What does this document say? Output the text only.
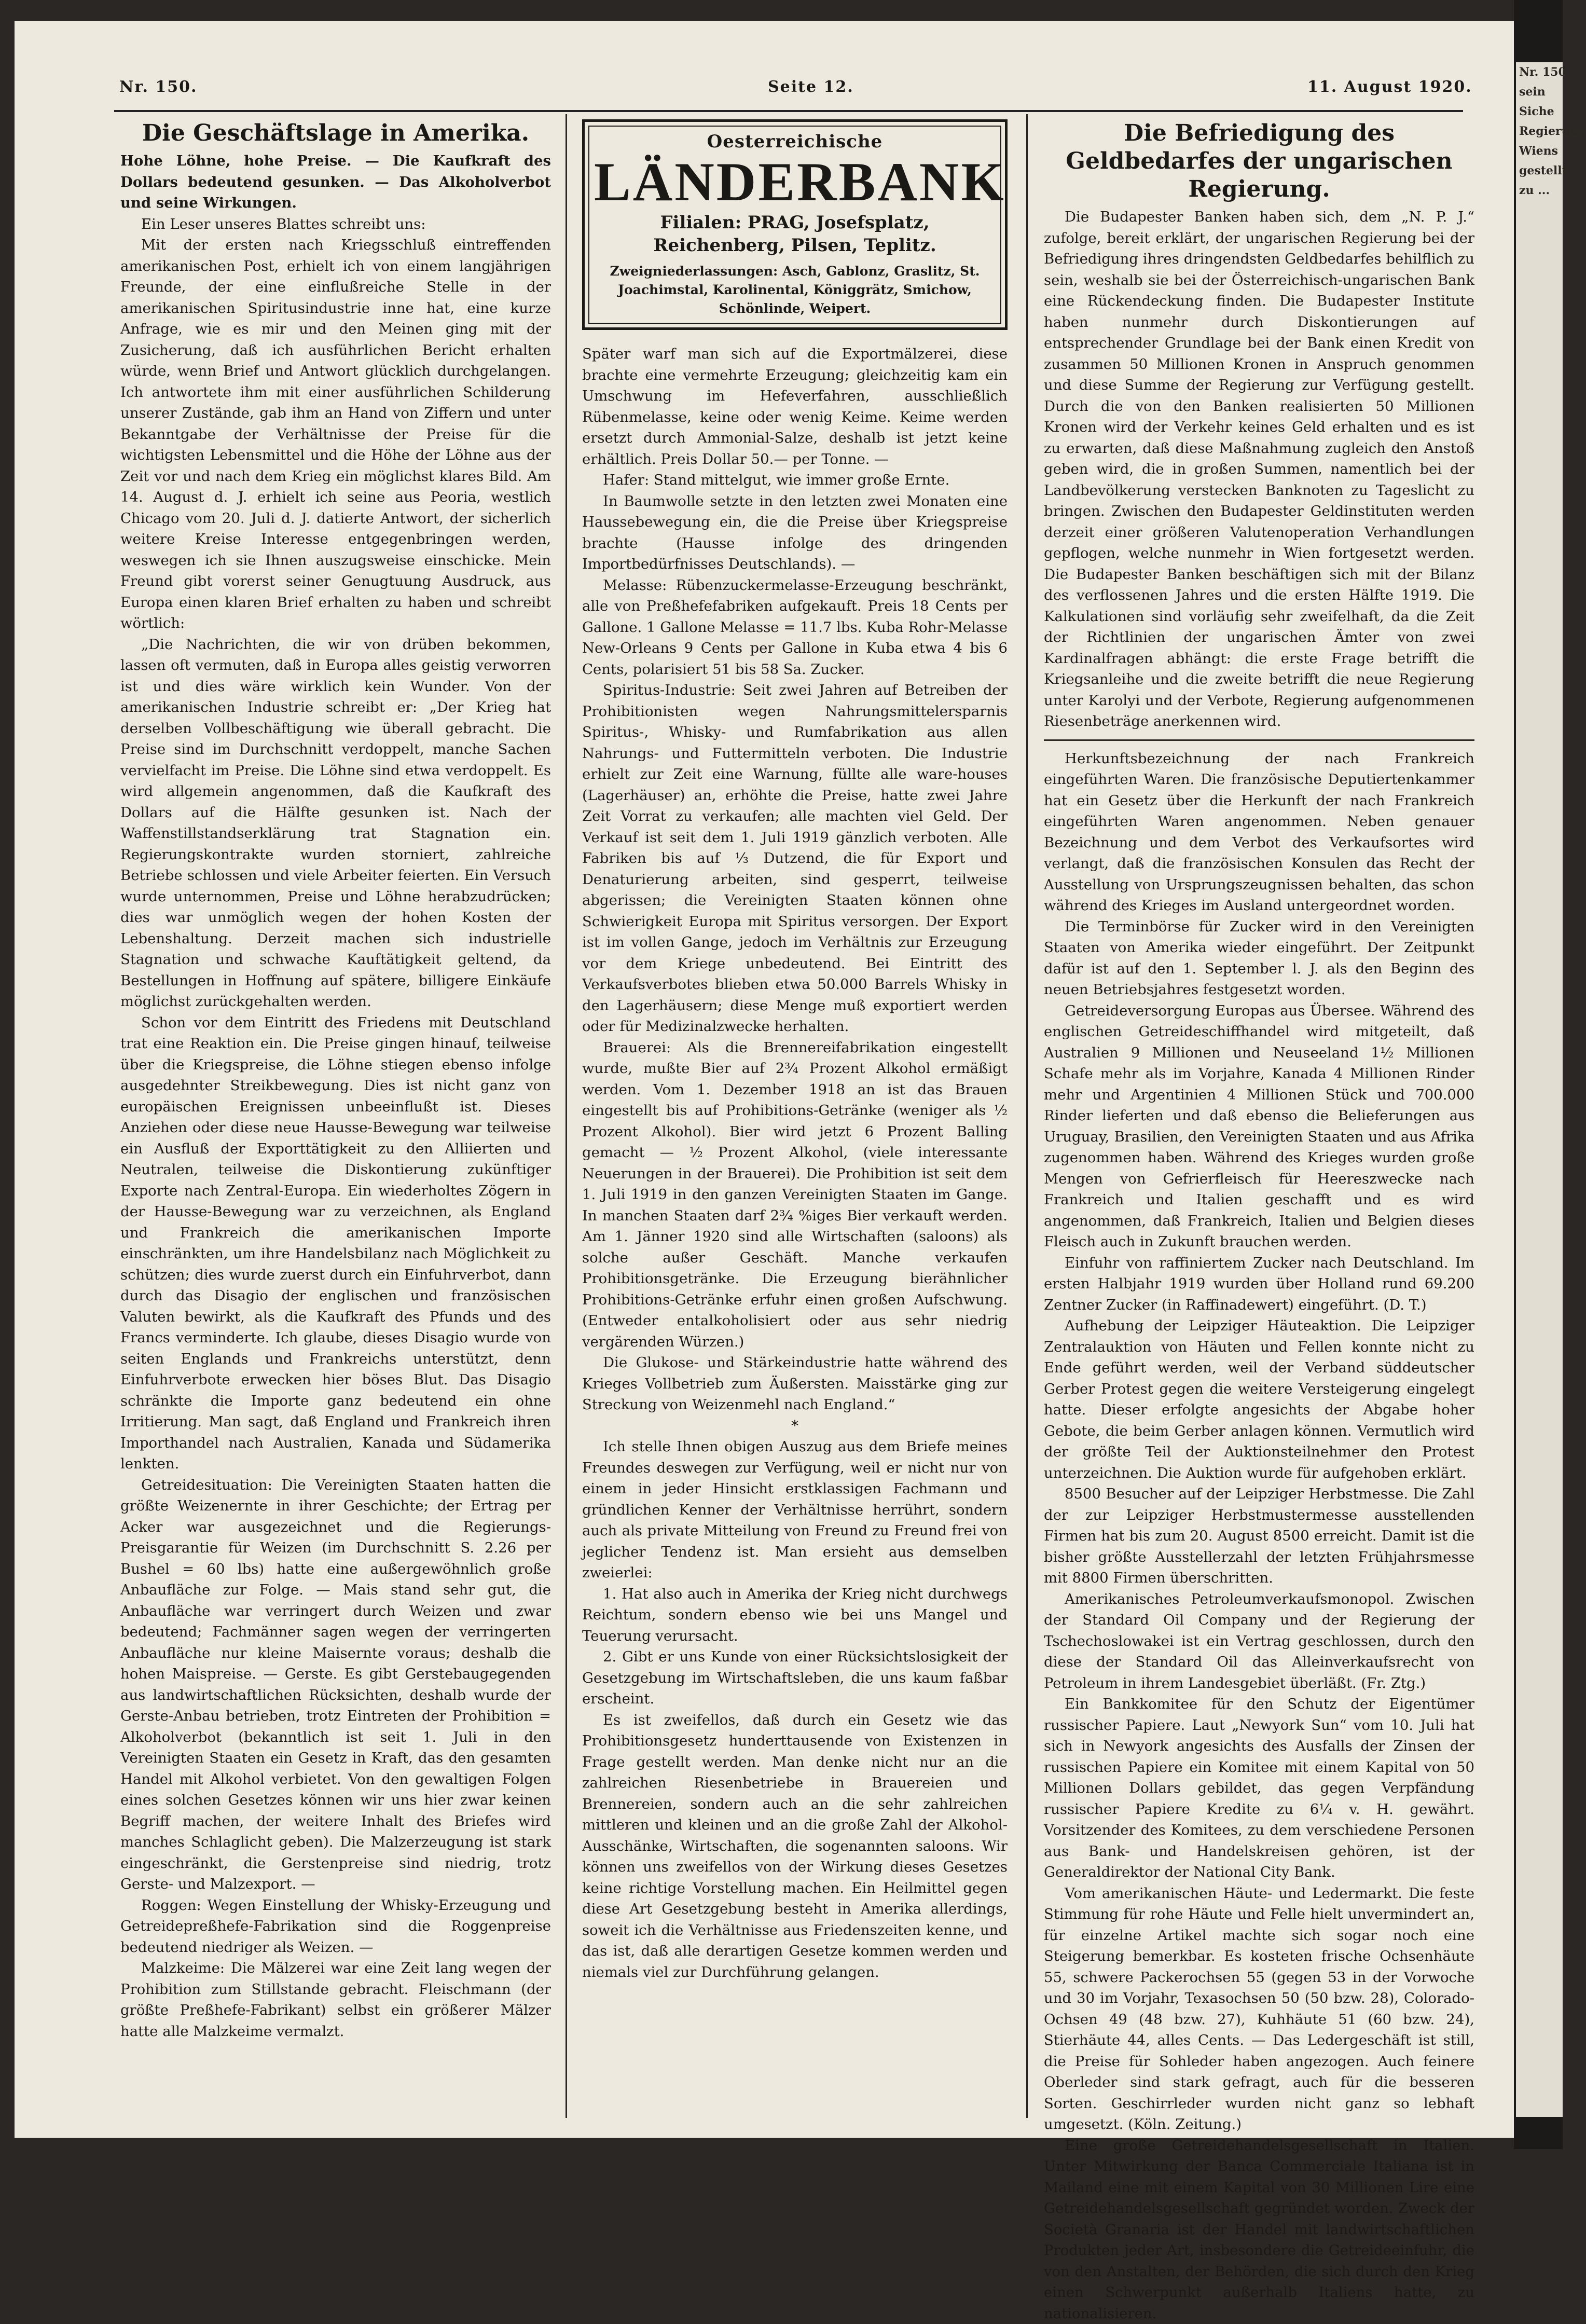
Nr. 150
sein
Siche
Regierung
Wiens
gestellt
zu ...
Nr. 150.	Seite 12.	11. August 1920.
Die Geschäftslage in Amerika.

Hohe Löhne, hohe Preise. — Die Kaufkraft des Dollars bedeutend gesunken. — Das Alkoholverbot und seine Wirkungen.

Ein Leser unseres Blattes schreibt uns:

Mit der ersten nach Kriegsschluß eintreffenden amerikanischen Post, erhielt ich von einem langjährigen Freunde, der eine einflußreiche Stelle in der amerikanischen Spiritusindustrie inne hat, eine kurze Anfrage, wie es mir und den Meinen ging mit der Zusicherung, daß ich ausführlichen Bericht erhalten würde, wenn Brief und Antwort glücklich durchgelangen. Ich antwortete ihm mit einer ausführlichen Schilderung unserer Zustände, gab ihm an Hand von Ziffern und unter Bekanntgabe der Verhältnisse der Preise für die wichtigsten Lebensmittel und die Höhe der Löhne aus der Zeit vor und nach dem Krieg ein möglichst klares Bild. Am 14. August d. J. erhielt ich seine aus Peoria, westlich Chicago vom 20. Juli d. J. datierte Antwort, der sicherlich weitere Kreise Interesse entgegenbringen werden, weswegen ich sie Ihnen auszugsweise einschicke. Mein Freund gibt vorerst seiner Genugtuung Ausdruck, aus Europa einen klaren Brief erhalten zu haben und schreibt wörtlich:

„Die Nachrichten, die wir von drüben bekommen, lassen oft vermuten, daß in Europa alles geistig verworren ist und dies wäre wirklich kein Wunder. Von der amerikanischen Industrie schreibt er: „Der Krieg hat derselben Vollbeschäftigung wie überall gebracht. Die Preise sind im Durchschnitt verdoppelt, manche Sachen vervielfacht im Preise. Die Löhne sind etwa verdoppelt. Es wird allgemein angenommen, daß die Kaufkraft des Dollars auf die Hälfte gesunken ist. Nach der Waffenstillstandserklärung trat Stagnation ein. Regierungskontrakte wurden storniert, zahlreiche Betriebe schlossen und viele Arbeiter feierten. Ein Versuch wurde unternommen, Preise und Löhne herabzudrücken; dies war unmöglich wegen der hohen Kosten der Lebenshaltung. Derzeit machen sich industrielle Stagnation und schwache Kauftätigkeit geltend, da Bestellungen in Hoffnung auf spätere, billigere Einkäufe möglichst zurückgehalten werden.

Schon vor dem Eintritt des Friedens mit Deutschland trat eine Reaktion ein. Die Preise gingen hinauf, teilweise über die Kriegspreise, die Löhne stiegen ebenso infolge ausgedehnter Streikbewegung. Dies ist nicht ganz von europäischen Ereignissen unbeeinflußt ist. Dieses Anziehen oder diese neue Hausse-Bewegung war teilweise ein Ausfluß der Exporttätigkeit zu den Alliierten und Neutralen, teilweise die Diskontierung zukünftiger Exporte nach Zentral-Europa. Ein wiederholtes Zögern in der Hausse-Bewegung war zu verzeichnen, als England und Frankreich die amerikanischen Importe einschränkten, um ihre Handelsbilanz nach Möglichkeit zu schützen; dies wurde zuerst durch ein Einfuhrverbot, dann durch das Disagio der englischen und französischen Valuten bewirkt, als die Kaufkraft des Pfunds und des Francs verminderte. Ich glaube, dieses Disagio wurde von seiten Englands und Frankreichs unterstützt, denn Einfuhrverbote erwecken hier böses Blut. Das Disagio schränkte die Importe ganz bedeutend ein ohne Irritierung. Man sagt, daß England und Frankreich ihren Importhandel nach Australien, Kanada und Südamerika lenkten.

Getreidesituation: Die Vereinigten Staaten hatten die größte Weizenernte in ihrer Geschichte; der Ertrag per Acker war ausgezeichnet und die Regierungs-Preisgarantie für Weizen (im Durchschnitt S. 2.26 per Bushel = 60 lbs) hatte eine außergewöhnlich große Anbaufläche zur Folge. — Mais stand sehr gut, die Anbaufläche war verringert durch Weizen und zwar bedeutend; Fachmänner sagen wegen der verringerten Anbaufläche nur kleine Maisernte voraus; deshalb die hohen Maispreise. — Gerste. Es gibt Gerstebaugegenden aus landwirtschaftlichen Rücksichten, deshalb wurde der Gerste-Anbau betrieben, trotz Eintreten der Prohibition = Alkoholverbot (bekanntlich ist seit 1. Juli in den Vereinigten Staaten ein Gesetz in Kraft, das den gesamten Handel mit Alkohol verbietet. Von den gewaltigen Folgen eines solchen Gesetzes können wir uns hier zwar keinen Begriff machen, der weitere Inhalt des Briefes wird manches Schlaglicht geben). Die Malzerzeugung ist stark eingeschränkt, die Gerstenpreise sind niedrig, trotz Gerste- und Malzexport. —

Roggen: Wegen Einstellung der Whisky-Erzeugung und Getreidepreßhefe-Fabrikation sind die Roggenpreise bedeutend niedriger als Weizen. —

Malzkeime: Die Mälzerei war eine Zeit lang wegen der Prohibition zum Stillstande gebracht. Fleischmann (der größte Preßhefe-Fabrikant) selbst ein größerer Mälzer hatte alle Malzkeime vermalzt.

Oesterreichische
LÄNDERBANK
Filialen: PRAG, Josefsplatz,
Reichenberg, Pilsen, Teplitz.
Zweigniederlassungen: Asch, Gablonz, Graslitz, St. Joachimstal, Karolinental, Königgrätz, Smichow, Schönlinde, Weipert.

Später warf man sich auf die Exportmälzerei, diese brachte eine vermehrte Erzeugung; gleichzeitig kam ein Umschwung im Hefeverfahren, ausschließlich Rübenmelasse, keine oder wenig Keime. Keime werden ersetzt durch Ammonial-Salze, deshalb ist jetzt keine erhältlich. Preis Dollar 50.— per Tonne. —

Hafer: Stand mittelgut, wie immer große Ernte.

In Baumwolle setzte in den letzten zwei Monaten eine Haussebewegung ein, die die Preise über Kriegspreise brachte (Hausse infolge des dringenden Importbedürfnisses Deutschlands). —

Melasse: Rübenzuckermelasse-Erzeugung beschränkt, alle von Preßhefefabriken aufgekauft. Preis 18 Cents per Gallone. 1 Gallone Melasse = 11.7 lbs. Kuba Rohr-Melasse New-Orleans 9 Cents per Gallone in Kuba etwa 4 bis 6 Cents, polarisiert 51 bis 58 Sa. Zucker.

Spiritus-Industrie: Seit zwei Jahren auf Betreiben der Prohibitionisten wegen Nahrungsmittelersparnis Spiritus-, Whisky- und Rumfabrikation aus allen Nahrungs- und Futtermitteln verboten. Die Industrie erhielt zur Zeit eine Warnung, füllte alle ware-houses (Lagerhäuser) an, erhöhte die Preise, hatte zwei Jahre Zeit Vorrat zu verkaufen; alle machten viel Geld. Der Verkauf ist seit dem 1. Juli 1919 gänzlich verboten. Alle Fabriken bis auf ⅓ Dutzend, die für Export und Denaturierung arbeiten, sind gesperrt, teilweise abgerissen; die Vereinigten Staaten können ohne Schwierigkeit Europa mit Spiritus versorgen. Der Export ist im vollen Gange, jedoch im Verhältnis zur Erzeugung vor dem Kriege unbedeutend. Bei Eintritt des Verkaufsverbotes blieben etwa 50.000 Barrels Whisky in den Lagerhäusern; diese Menge muß exportiert werden oder für Medizinalzwecke herhalten.

Brauerei: Als die Brennereifabrikation eingestellt wurde, mußte Bier auf 2¾ Prozent Alkohol ermäßigt werden. Vom 1. Dezember 1918 an ist das Brauen eingestellt bis auf Prohibitions-Getränke (weniger als ½ Prozent Alkohol). Bier wird jetzt 6 Prozent Balling gemacht — ½ Prozent Alkohol, (viele interessante Neuerungen in der Brauerei). Die Prohibition ist seit dem 1. Juli 1919 in den ganzen Vereinigten Staaten im Gange. In manchen Staaten darf 2¾ %iges Bier verkauft werden. Am 1. Jänner 1920 sind alle Wirtschaften (saloons) als solche außer Geschäft. Manche verkaufen Prohibitionsgetränke. Die Erzeugung bierähnlicher Prohibitions-Getränke erfuhr einen großen Aufschwung. (Entweder entalkoholisiert oder aus sehr niedrig vergärenden Würzen.)

Die Glukose- und Stärkeindustrie hatte während des Krieges Vollbetrieb zum Äußersten. Maisstärke ging zur Streckung von Weizenmehl nach England.“

*

Ich stelle Ihnen obigen Auszug aus dem Briefe meines Freundes deswegen zur Verfügung, weil er nicht nur von einem in jeder Hinsicht erstklassigen Fachmann und gründlichen Kenner der Verhältnisse herrührt, sondern auch als private Mitteilung von Freund zu Freund frei von jeglicher Tendenz ist. Man ersieht aus demselben zweierlei:

1. Hat also auch in Amerika der Krieg nicht durchwegs Reichtum, sondern ebenso wie bei uns Mangel und Teuerung verursacht.

2. Gibt er uns Kunde von einer Rücksichtslosigkeit der Gesetzgebung im Wirtschaftsleben, die uns kaum faßbar erscheint.

Es ist zweifellos, daß durch ein Gesetz wie das Prohibitionsgesetz hunderttausende von Existenzen in Frage gestellt werden. Man denke nicht nur an die zahlreichen Riesenbetriebe in Brauereien und Brennereien, sondern auch an die sehr zahlreichen mittleren und kleinen und an die große Zahl der Alkohol-Ausschänke, Wirtschaften, die sogenannten saloons. Wir können uns zweifellos von der Wirkung dieses Gesetzes keine richtige Vorstellung machen. Ein Heilmittel gegen diese Art Gesetzgebung besteht in Amerika allerdings, soweit ich die Verhältnisse aus Friedenszeiten kenne, und das ist, daß alle derartigen Gesetze kommen werden und niemals viel zur Durchführung gelangen.

Die Befriedigung des Geldbedarfes der ungarischen Regierung.

Die Budapester Banken haben sich, dem „N. P. J.“ zufolge, bereit erklärt, der ungarischen Regierung bei der Befriedigung ihres dringendsten Geldbedarfes behilflich zu sein, weshalb sie bei der Österreichisch-ungarischen Bank eine Rückendeckung finden. Die Budapester Institute haben nunmehr durch Diskontierungen auf entsprechender Grundlage bei der Bank einen Kredit von zusammen 50 Millionen Kronen in Anspruch genommen und diese Summe der Regierung zur Verfügung gestellt. Durch die von den Banken realisierten 50 Millionen Kronen wird der Verkehr keines Geld erhalten und es ist zu erwarten, daß diese Maßnahmung zugleich den Anstoß geben wird, die in großen Summen, namentlich bei der Landbevölkerung verstecken Banknoten zu Tageslicht zu bringen. Zwischen den Budapester Geldinstituten werden derzeit einer größeren Valutenoperation Verhandlungen gepflogen, welche nunmehr in Wien fortgesetzt werden. Die Budapester Banken beschäftigen sich mit der Bilanz des verflossenen Jahres und die ersten Hälfte 1919. Die Kalkulationen sind vorläufig sehr zweifelhaft, da die Zeit der Richtlinien der ungarischen Ämter von zwei Kardinalfragen abhängt: die erste Frage betrifft die Kriegsanleihe und die zweite betrifft die neue Regierung unter Karolyi und der Verbote, Regierung aufgenommenen Riesenbeträge anerkennen wird.

Herkunftsbezeichnung der nach Frankreich eingeführten Waren. Die französische Deputiertenkammer hat ein Gesetz über die Herkunft der nach Frankreich eingeführten Waren angenommen. Neben genauer Bezeichnung und dem Verbot des Verkaufsortes wird verlangt, daß die französischen Konsulen das Recht der Ausstellung von Ursprungszeugnissen behalten, das schon während des Krieges im Ausland untergeordnet worden.

Die Terminbörse für Zucker wird in den Vereinigten Staaten von Amerika wieder eingeführt. Der Zeitpunkt dafür ist auf den 1. September l. J. als den Beginn des neuen Betriebsjahres festgesetzt worden.

Getreideversorgung Europas aus Übersee. Während des englischen Getreideschiffhandel wird mitgeteilt, daß Australien 9 Millionen und Neuseeland 1½ Millionen Schafe mehr als im Vorjahre, Kanada 4 Millionen Rinder mehr und Argentinien 4 Millionen Stück und 700.000 Rinder lieferten und daß ebenso die Belieferungen aus Uruguay, Brasilien, den Vereinigten Staaten und aus Afrika zugenommen haben. Während des Krieges wurden große Mengen von Gefrierfleisch für Heereszwecke nach Frankreich und Italien geschafft und es wird angenommen, daß Frankreich, Italien und Belgien dieses Fleisch auch in Zukunft brauchen werden.

Einfuhr von raffiniertem Zucker nach Deutschland. Im ersten Halbjahr 1919 wurden über Holland rund 69.200 Zentner Zucker (in Raffinadewert) eingeführt. (D. T.)

Aufhebung der Leipziger Häuteaktion. Die Leipziger Zentralauktion von Häuten und Fellen konnte nicht zu Ende geführt werden, weil der Verband süddeutscher Gerber Protest gegen die weitere Versteigerung eingelegt hatte. Dieser erfolgte angesichts der Abgabe hoher Gebote, die beim Gerber anlagen können. Vermutlich wird der größte Teil der Auktionsteilnehmer den Protest unterzeichnen. Die Auktion wurde für aufgehoben erklärt.

8500 Besucher auf der Leipziger Herbstmesse. Die Zahl der zur Leipziger Herbstmustermesse ausstellenden Firmen hat bis zum 20. August 8500 erreicht. Damit ist die bisher größte Ausstellerzahl der letzten Frühjahrsmesse mit 8800 Firmen überschritten.

Amerikanisches Petroleumverkaufsmonopol. Zwischen der Standard Oil Company und der Regierung der Tschechoslowakei ist ein Vertrag geschlossen, durch den diese der Standard Oil das Alleinverkaufsrecht von Petroleum in ihrem Landesgebiet überläßt. (Fr. Ztg.)

Ein Bankkomitee für den Schutz der Eigentümer russischer Papiere. Laut „Newyork Sun“ vom 10. Juli hat sich in Newyork angesichts des Ausfalls der Zinsen der russischen Papiere ein Komitee mit einem Kapital von 50 Millionen Dollars gebildet, das gegen Verpfändung russischer Papiere Kredite zu 6¼ v. H. gewährt. Vorsitzender des Komitees, zu dem verschiedene Personen aus Bank- und Handelskreisen gehören, ist der Generaldirektor der National City Bank.

Vom amerikanischen Häute- und Ledermarkt. Die feste Stimmung für rohe Häute und Felle hielt unvermindert an, für einzelne Artikel machte sich sogar noch eine Steigerung bemerkbar. Es kosteten frische Ochsenhäute 55, schwere Packerochsen 55 (gegen 53 in der Vorwoche und 30 im Vorjahr, Texasochsen 50 (50 bzw. 28), Colorado-Ochsen 49 (48 bzw. 27), Kuhhäute 51 (60 bzw. 24), Stierhäute 44, alles Cents. — Das Ledergeschäft ist still, die Preise für Sohleder haben angezogen. Auch feinere Oberleder sind stark gefragt, auch für die besseren Sorten. Geschirrleder wurden nicht ganz so lebhaft umgesetzt. (Köln. Zeitung.)

Eine große Getreidehandelsgesellschaft in Italien. Unter Mitwirkung der Banca Commerciale Italiana ist in Mailand eine mit einem Kapital von 30 Millionen Lire eine Getreidehandelsgesellschaft gegründet worden. Zweck der Società Granaria ist der Handel mit landwirtschaftlichen Produkten jeder Art, insbesondere die Getreideeinfuhr, die von den Anstalten, der Behörden, die sich durch den Krieg einen Schwerpunkt außerhalb Italiens hatte, zu nationalisieren.
